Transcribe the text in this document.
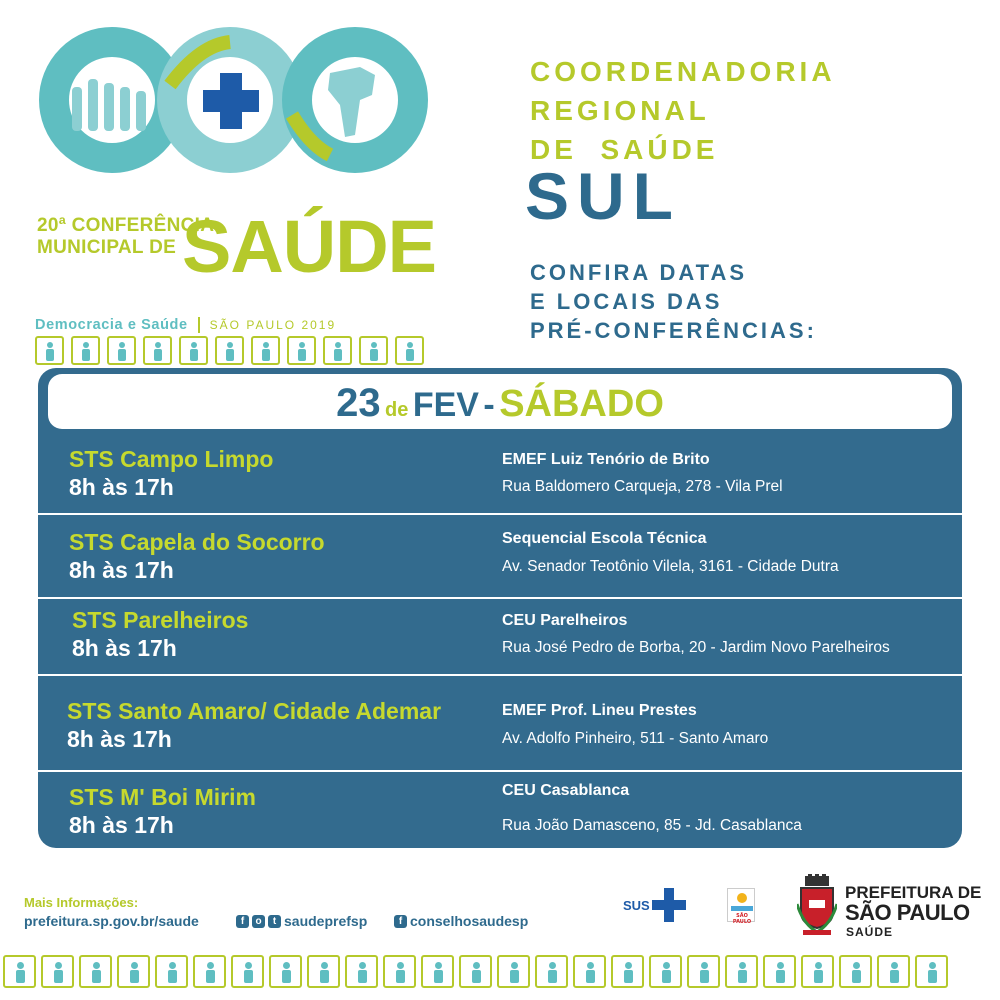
20ª CONFERÊNCIA
MUNICIPAL DE SAÚDE
Democracia e Saúde SÃO PAULO 2019
COORDENADORIA
REGIONAL
DE  SAÚDE
SUL
CONFIRA DATAS
E LOCAIS DAS
PRÉ-CONFERÊNCIAS:
23 de FEV - SÁBADO
STS Campo Limpo
8h às 17h
EMEF Luiz Tenório de Brito
Rua Baldomero Carqueja, 278 - Vila Prel
STS Capela do Socorro
8h às 17h
Sequencial Escola Técnica
Av. Senador Teotônio Vilela, 3161 - Cidade Dutra
STS Parelheiros
8h às 17h
CEU Parelheiros
Rua José Pedro de Borba, 20 - Jardim Novo Parelheiros
STS Santo Amaro/ Cidade Ademar
8h às 17h
EMEF Prof. Lineu Prestes
Av. Adolfo Pinheiro, 511 - Santo Amaro
STS M' Boi Mirim
8h às 17h
CEU Casablanca
Rua João Damasceno, 85 - Jd. Casablanca
Mais Informações:
prefeitura.sp.gov.br/saude	f	o	t saudeprefsp	f conselhosaudesp
SUS
SÃO PAULO
PREFEITURA DE
SÃO PAULO
SAÚDE
